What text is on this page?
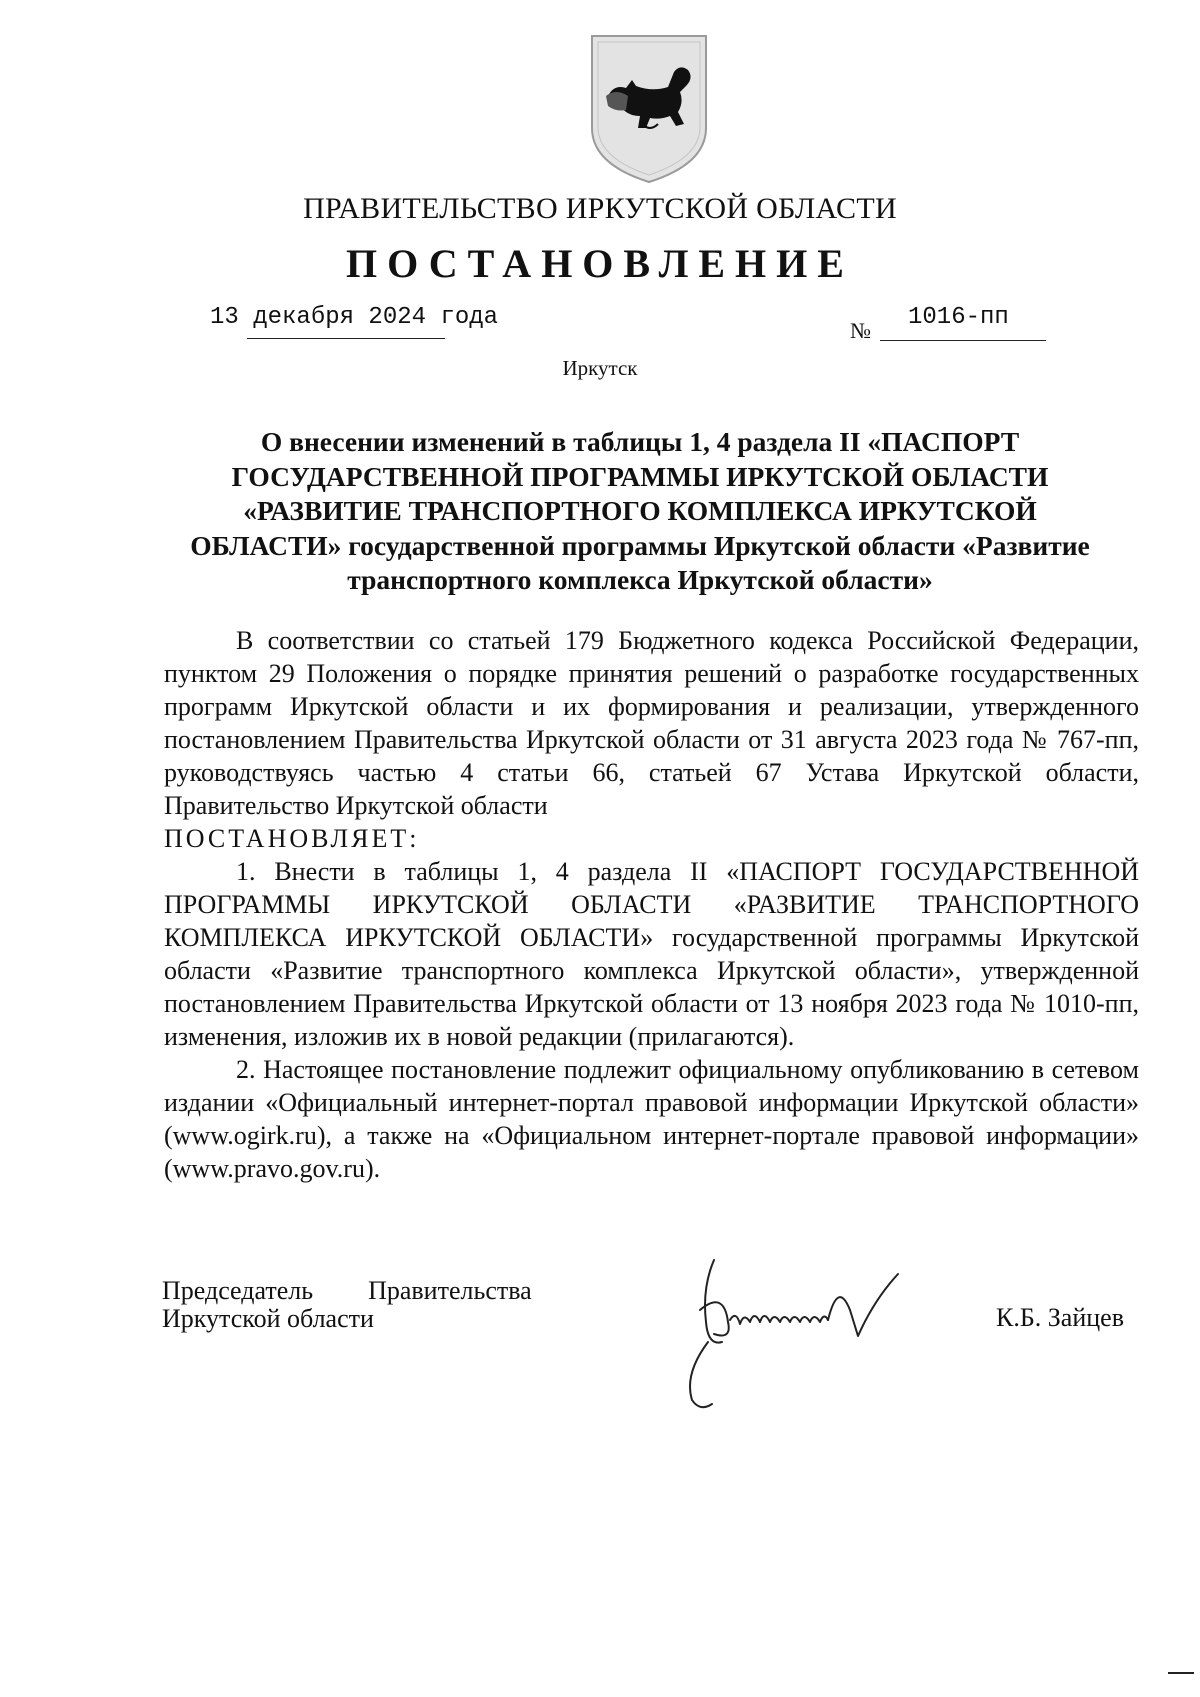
ПРАВИТЕЛЬСТВО ИРКУТСКОЙ ОБЛАСТИ
ПОСТАНОВЛЕНИЕ
13 декабря 2024 года	№ 1016-пп
Иркутск
О внесении изменений в таблицы 1, 4 раздела II «ПАСПОРТ
ГОСУДАРСТВЕННОЙ ПРОГРАММЫ ИРКУТСКОЙ ОБЛАСТИ
«РАЗВИТИЕ ТРАНСПОРТНОГО КОМПЛЕКСА ИРКУТСКОЙ
ОБЛАСТИ» государственной программы Иркутской области «Развитие
транспортного комплекса Иркутской области»

В соответствии со статьей 179 Бюджетного кодекса Российской Федерации, пунктом 29 Положения о порядке принятия решений о разработке государственных программ Иркутской области и их формирования и реализации, утвержденного постановлением Правительства Иркутской области от 31 августа 2023 года № 767-пп, руководствуясь частью 4 статьи 66, статьей 67 Устава Иркутской области, Правительство Иркутской области

ПОСТАНОВЛЯЕТ:

1. Внести в таблицы 1, 4 раздела II «ПАСПОРТ ГОСУДАРСТВЕННОЙ ПРОГРАММЫ ИРКУТСКОЙ ОБЛАСТИ «РАЗВИТИЕ ТРАНСПОРТНОГО КОМПЛЕКСА ИРКУТСКОЙ ОБЛАСТИ» государственной программы Иркутской области «Развитие транспортного комплекса Иркутской области», утвержденной постановлением Правительства Иркутской области от 13 ноября 2023 года № 1010-пп, изменения, изложив их в новой редакции (прилагаются).

2. Настоящее постановление подлежит официальному опубликованию в сетевом издании «Официальный интернет-портал правовой информации Иркутской области» (www.ogirk.ru), а также на «Официальном интернет-портале правовой информации» (www.pravo.gov.ru).

Председатель Правительства
Иркутской области	К.Б. Зайцев
